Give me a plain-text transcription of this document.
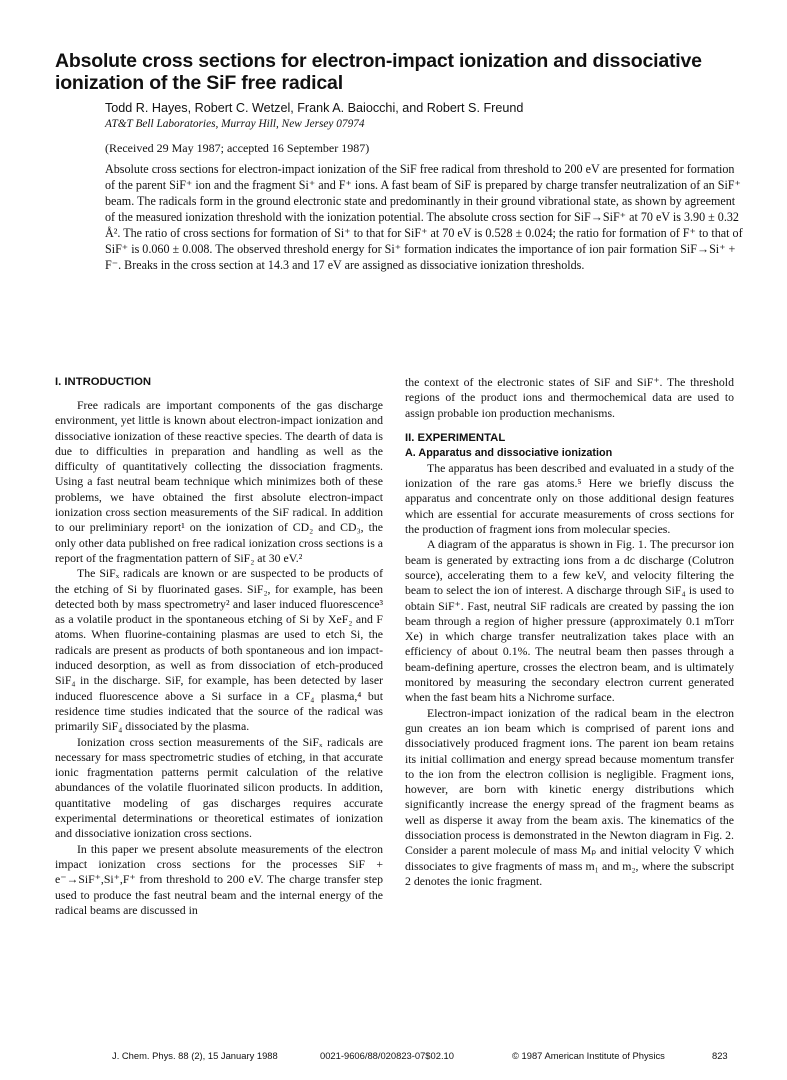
Absolute cross sections for electron-impact ionization and dissociative ionization of the SiF free radical
Todd R. Hayes, Robert C. Wetzel, Frank A. Baiocchi, and Robert S. Freund
AT&T Bell Laboratories, Murray Hill, New Jersey 07974
(Received 29 May 1987; accepted 16 September 1987)
Absolute cross sections for electron-impact ionization of the SiF free radical from threshold to 200 eV are presented for formation of the parent SiF⁺ ion and the fragment Si⁺ and F⁺ ions. A fast beam of SiF is prepared by charge transfer neutralization of an SiF⁺ beam. The radicals form in the ground electronic state and predominantly in their ground vibrational state, as shown by agreement of the measured ionization threshold with the ionization potential. The absolute cross section for SiF→SiF⁺ at 70 eV is 3.90 ± 0.32 Å². The ratio of cross sections for formation of Si⁺ to that for SiF⁺ at 70 eV is 0.528 ± 0.024; the ratio for formation of F⁺ to that of SiF⁺ is 0.060 ± 0.008. The observed threshold energy for Si⁺ formation indicates the importance of ion pair formation SiF→Si⁺ + F⁻. Breaks in the cross section at 14.3 and 17 eV are assigned as dissociative ionization thresholds.
I. INTRODUCTION

Free radicals are important components of the gas discharge environment, yet little is known about electron-impact ionization and dissociative ionization of these reactive species. The dearth of data is due to difficulties in preparation and handling as well as the difficulty of quantitatively collecting the dissociation fragments. Using a fast neutral beam technique which minimizes both of these problems, we have obtained the first absolute electron-impact ionization cross section measurements of the SiF radical. In addition to our preliminiary report¹ on the ionization of CD₂ and CD₃, the only other data published on free radical ionization cross sections is a report of the fragmentation pattern of SiF₂ at 30 eV.²

The SiFₓ radicals are known or are suspected to be products of the etching of Si by fluorinated gases. SiF₂, for example, has been detected both by mass spectrometry² and laser induced fluorescence³ as a volatile product in the spontaneous etching of Si by XeF₂ and F atoms. When fluorine-containing plasmas are used to etch Si, the radicals are present as products of both spontaneous and ion impact-induced desorption, as well as from dissociation of etch-produced SiF₄ in the discharge. SiF, for example, has been detected by laser induced fluorescence above a Si surface in a CF₄ plasma,⁴ but residence time studies indicated that the source of the radical was primarily SiF₄ dissociated by the plasma.

Ionization cross section measurements of the SiFₓ radicals are necessary for mass spectrometric studies of etching, in that accurate ionic fragmentation patterns permit calculation of the relative abundances of the volatile fluorinated silicon products. In addition, quantitative modeling of gas discharges requires accurate experimental determinations or theoretical estimates of ionization and dissociative ionization cross sections.

In this paper we present absolute measurements of the electron impact ionization cross sections for the processes SiF + e⁻→SiF⁺,Si⁺,F⁺ from threshold to 200 eV. The charge transfer step used to produce the fast neutral beam and the internal energy of the radical beams are discussed in

the context of the electronic states of SiF and SiF⁺. The threshold regions of the product ions and thermochemical data are used to assign probable ion production mechanisms.

II. EXPERIMENTAL
A. Apparatus and dissociative ionization

The apparatus has been described and evaluated in a study of the ionization of the rare gas atoms.⁵ Here we briefly discuss the apparatus and concentrate only on those additional design features which are essential for accurate measurements of cross sections for the production of fragment ions from molecular species.

A diagram of the apparatus is shown in Fig. 1. The precursor ion beam is generated by extracting ions from a dc discharge (Colutron source), accelerating them to a few keV, and velocity filtering the beam to select the ion of interest. A discharge through SiF₄ is used to obtain SiF⁺. Fast, neutral SiF radicals are created by passing the ion beam through a region of higher pressure (approximately 0.1 mTorr Xe) in which charge transfer neutralization takes place with an efficiency of about 0.1%. The neutral beam then passes through a beam-defining aperture, crosses the electron beam, and is ultimately monitored by measuring the secondary electron current generated when the fast beam hits a Nichrome surface.

Electron-impact ionization of the radical beam in the electron gun creates an ion beam which is comprised of parent ions and dissociatively produced fragment ions. The parent ion beam retains its initial collimation and energy spread because momentum transfer to the ion from the electron collision is negligible. Fragment ions, however, are born with kinetic energy distributions which significantly increase the energy spread of the fragment beams as well as disperse it away from the beam axis. The kinematics of the dissociation process is demonstrated in the Newton diagram in Fig. 2. Consider a parent molecule of mass Mₚ and initial velocity V̄ which dissociates to give fragments of mass m₁ and m₂, where the subscript 2 denotes the ionic fragment.

J. Chem. Phys. 88 (2), 15 January 1988	0021-9606/88/020823-07$02.10	© 1987 American Institute of Physics	823
